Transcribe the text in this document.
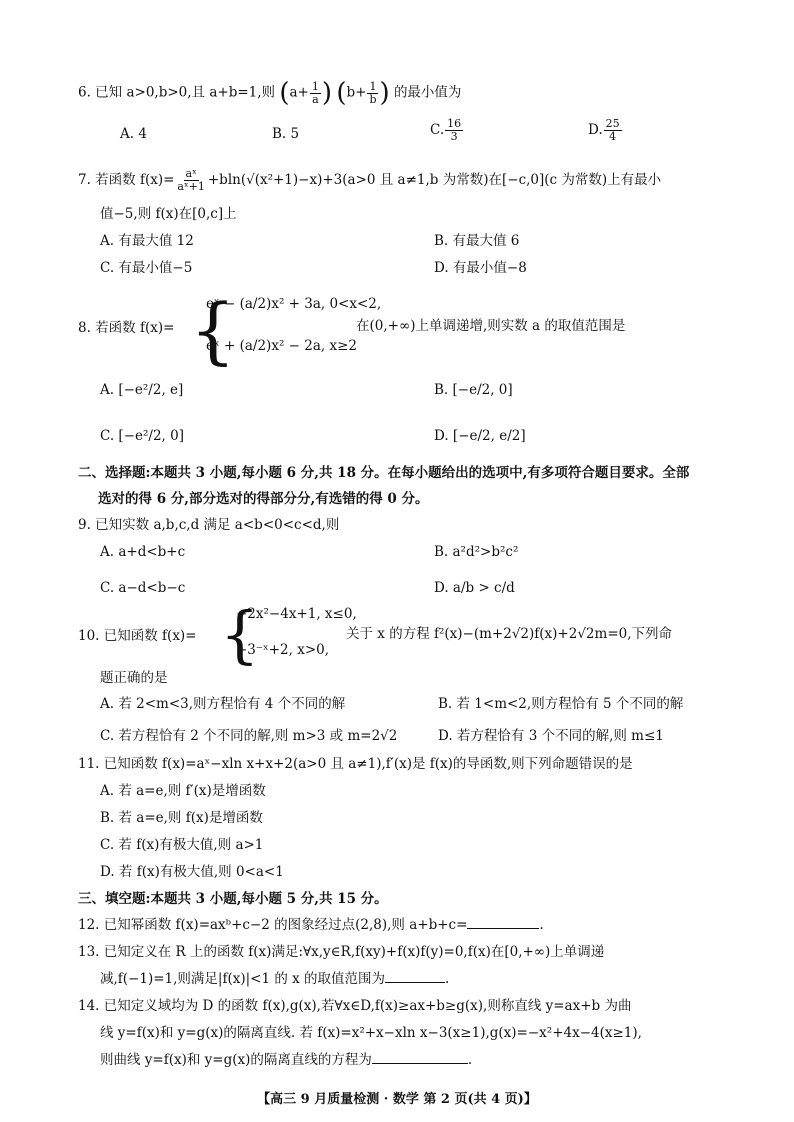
6. 已知 a>0,b>0,且 a+b=1,则 ($a+ \frac{1}{a}$ ) ($b+ \frac{1}{b}$ ) 的最小值为
A. 4	B. 5	C. $\frac{16}{3}$	D. $\frac{25}{4}$
7. 若函数 $f(x)= \frac{\text{aˣ}}{\text{aˣ+1}} +bln(√(x^2+1)-x)+3(a>0$ 且 a≠1,b 为常数)在[−c,0](c 为常数)上有最小
值−5,则 f(x)在[0,c]上
A. 有最大值 12	B. 有最大值 6
C. 有最小值−5	D. 有最小值−8
8. 若函数 f(x)= {
eˣ − (a/2)x² + 3a, 0<x<2,
eˣ + (a/2)x² − 2a, x≥2
在(0,+∞)上单调递增,则实数 a 的取值范围是
A. [−e²/2, e]	B. [−e/2, 0]
C. [−e²/2, 0]	D. [−e/2, e/2]
二、选择题:本题共 3 小题,每小题 6 分,共 18 分。在每小题给出的选项中,有多项符合题目要求。全部
选对的得 6 分,部分选对的得部分分,有选错的得 0 分。
9. 已知实数 a,b,c,d 满足 a<b<0<c<d,则
A. a+d<b+c	B. a²d²>b²c²
C. a−d<b−c	D. a/b > c/d
10. 已知函数 f(x)= {
−2x²−4x+1, x≤0,
−3⁻ˣ+2, x>0,
关于 x 的方程 f²(x)−(m+2√2)f(x)+2√2m=0,下列命
题正确的是
A. 若 2<m<3,则方程恰有 4 个不同的解	B. 若 1<m<2,则方程恰有 5 个不同的解
C. 若方程恰有 2 个不同的解,则 m>3 或 m=2√2	D. 若方程恰有 3 个不同的解,则 m≤1
11. 已知函数 f(x)=aˣ−xln x+x+2(a>0 且 a≠1),f′(x)是 f(x)的导函数,则下列命题错误的是
A. 若 a=e,则 f′(x)是增函数
B. 若 a=e,则 f(x)是增函数
C. 若 f(x)有极大值,则 a>1
D. 若 f(x)有极大值,则 0<a<1
三、填空题:本题共 3 小题,每小题 5 分,共 15 分。
12. 已知幂函数 f(x)=axᵇ+c−2 的图象经过点(2,8),则 a+b+c=	.
13. 已知定义在 R 上的函数 f(x)满足:∀x,y∈R,f(xy)+f(x)f(y)=0,f(x)在[0,+∞)上单调递
减,f(−1)=1,则满足|f(x)|<1 的 x 的取值范围为	.
14. 已知定义域均为 D 的函数 f(x),g(x),若∀x∈D,f(x)≥ax+b≥g(x),则称直线 y=ax+b 为曲
线 y=f(x)和 y=g(x)的隔离直线. 若 f(x)=x²+x−xln x−3(x≥1),g(x)=−x²+4x−4(x≥1),
则曲线 y=f(x)和 y=g(x)的隔离直线的方程为	.
【高三 9 月质量检测 · 数学 第 2 页(共 4 页)】
